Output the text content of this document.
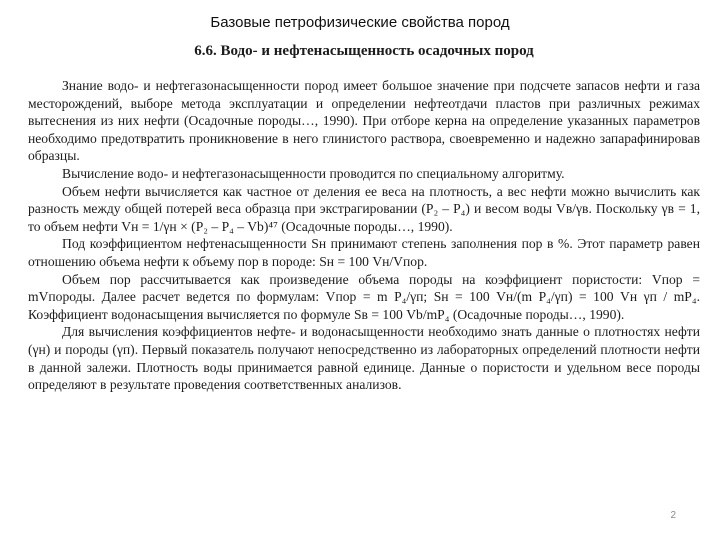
Базовые петрофизические свойства пород
6.6. Водо- и нефтенасыщенность осадочных пород

Знание водо- и нефтегазонасыщенности пород имеет большое значение при подсчете запасов нефти и газа месторождений, выборе метода эксплуатации и определении нефтеотдачи пластов при различных режимах вытеснения из них нефти (Осадочные породы…, 1990). При отборе керна на определение указанных параметров необходимо предотвратить проникновение в него глинистого раствора, своевременно и надежно запарафинировав образцы.

Вычисление водо- и нефтегазонасыщенности проводится по специальному алгоритму.

Объем нефти вычисляется как частное от деления ее веса на плотность, а вес нефти можно вычислить как разность между общей потерей веса образца при экстрагировании (P₂ – P₄) и весом воды Vв/γв. Поскольку γв = 1, то объем нефти Vн = 1/γн × (P₂ – P₄ – Vb)⁴⁷ (Осадочные породы…, 1990).

Под коэффициентом нефтенасыщенности Sн принимают степень заполнения пор в %. Этот параметр равен отношению объема нефти к объему пор в породе: Sн = 100 Vн/Vпор.

Объем пор рассчитывается как произведение объема породы на коэффициент пористости: Vпор = mVпороды. Далее расчет ведется по формулам: Vпор = m P₄/γп; Sн = 100 Vн/(m P₄/γп) = 100 Vн γп / mP₄. Коэффициент водонасыщения вычисляется по формуле Sв = 100 Vb/mP₄ (Осадочные породы…, 1990).

Для вычисления коэффициентов нефте- и водонасыщенности необходимо знать данные о плотностях нефти (γн) и породы (γп). Первый показатель получают непосредственно из лабораторных определений плотности нефти в данной залежи. Плотность воды принимается равной единице. Данные о пористости и удельном весе породы определяют в результате проведения соответственных анализов.

2
